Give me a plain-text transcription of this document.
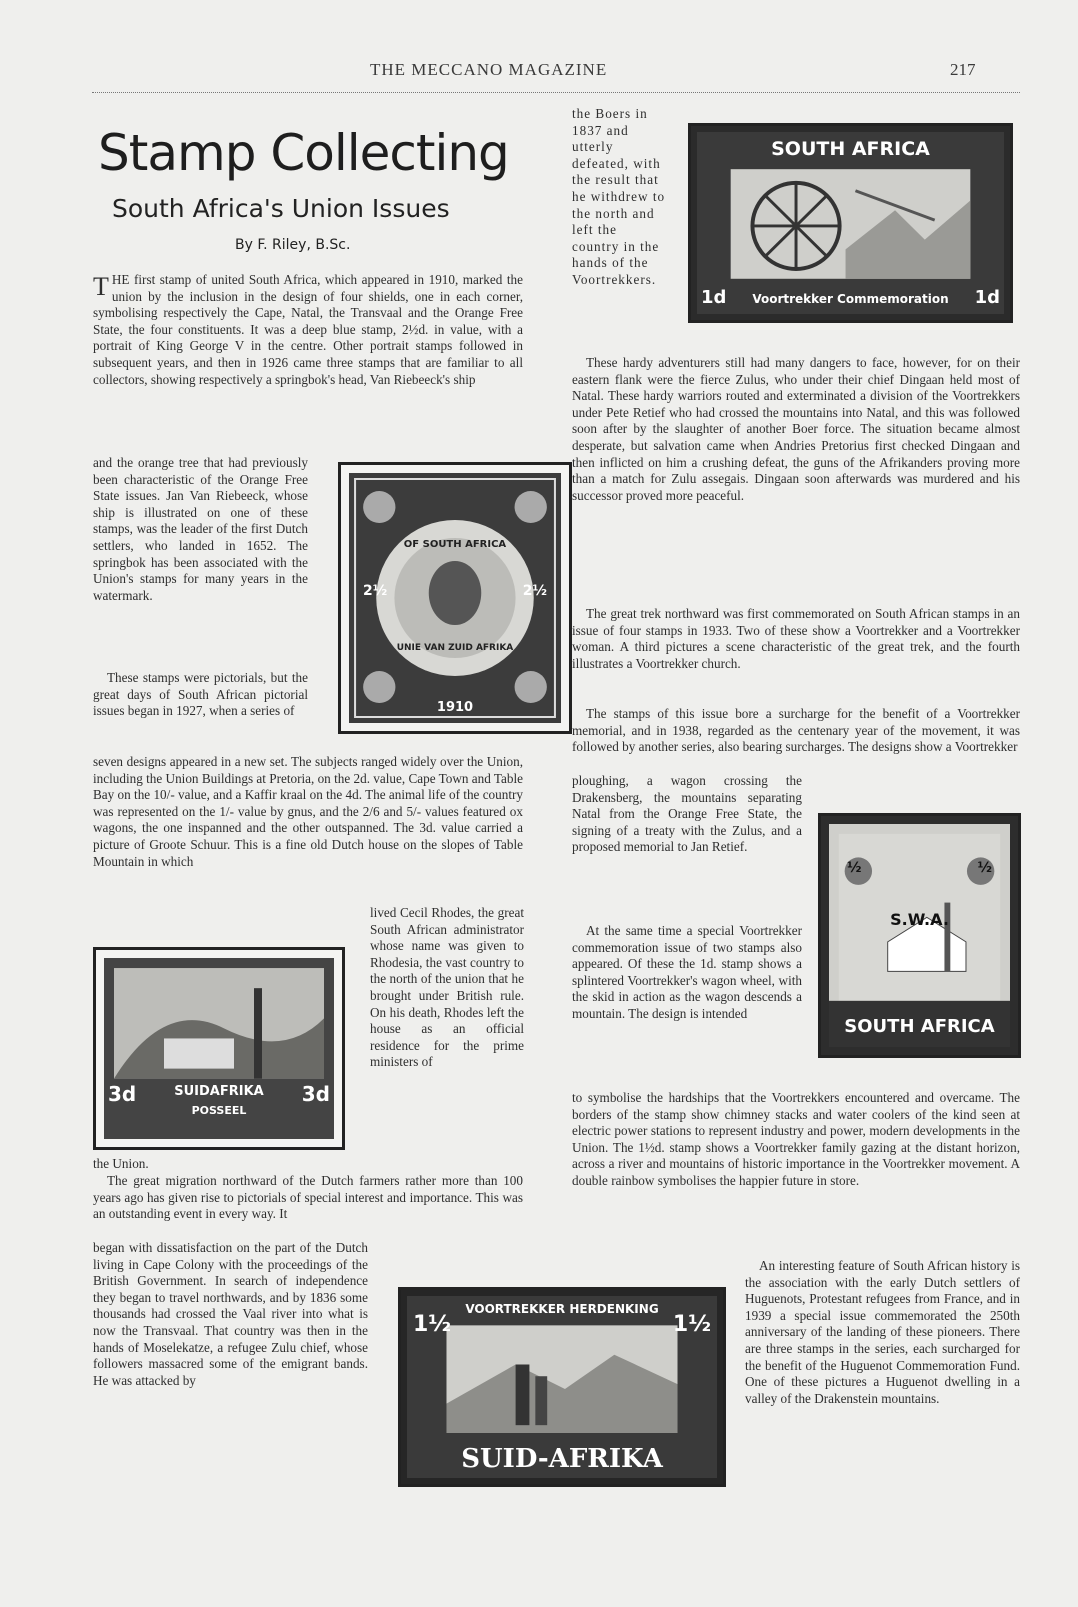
THE MECCANO MAGAZINE	217
Stamp Collecting
South Africa's Union Issues
By F. Riley, B.Sc.

THE first stamp of united South Africa, which appeared in 1910, marked the union by the inclusion in the design of four shields, one in each corner, symbolising respectively the Cape, Natal, the Transvaal and the Orange Free State, the four constituents. It was a deep blue stamp, 2½d. in value, with a portrait of King George V in the centre. Other portrait stamps followed in subsequent years, and then in 1926 came three stamps that are familiar to all collectors, showing respectively a springbok's head, Van Riebeeck's ship

and the orange tree that had previously been characteristic of the Orange Free State issues. Jan Van Riebeeck, whose ship is illustrated on one of these stamps, was the leader of the first Dutch settlers, who landed in 1652. The springbok has been associated with the Union's stamps for many years in the watermark.

These stamps were pictorials, but the great days of South African pictorial issues began in 1927, when a series of

seven designs appeared in a new set. The subjects ranged widely over the Union, including the Union Buildings at Pretoria, on the 2d. value, Cape Town and Table Bay on the 10/- value, and a Kaffir kraal on the 4d. The animal life of the country was represented on the 1/- value by gnus, and the 2/6 and 5/- values featured ox wagons, the one inspanned and the other outspanned. The 3d. value carried a picture of Groote Schuur. This is a fine old Dutch house on the slopes of Table Mountain in which

lived Cecil Rhodes, the great South African administrator whose name was given to Rhodesia, the vast country to the north of the union that he brought under British rule. On his death, Rhodes left the house as an official residence for the prime ministers of

the Union.

The great migration northward of the Dutch farmers rather more than 100 years ago has given rise to pictorials of special interest and importance. This was an outstanding event in every way. It

began with dissatisfaction on the part of the Dutch living in Cape Colony with the proceedings of the British Government. In search of independence they began to travel northwards, and by 1836 some thousands had crossed the Vaal river into what is now the Transvaal. That country was then in the hands of Moselekatze, a refugee Zulu chief, whose followers massacred some of the emigrant bands. He was attacked by

the Boers in 1837 and utterly defeated, with the result that he withdrew to the north and left the country in the hands of the Voortrekkers.

These hardy adventurers still had many dangers to face, however, for on their eastern flank were the fierce Zulus, who under their chief Dingaan held most of Natal. These hardy warriors routed and exterminated a division of the Voortrekkers under Pete Retief who had crossed the mountains into Natal, and this was followed soon after by the slaughter of another Boer force. The situation became almost desperate, but salvation came when Andries Pretorius first checked Dingaan and then inflicted on him a crushing defeat, the guns of the Afrikanders proving more than a match for Zulu assegais. Dingaan soon afterwards was murdered and his successor proved more peaceful.

The great trek northward was first commemorated on South African stamps in an issue of four stamps in 1933. Two of these show a Voortrekker and a Voortrekker woman. A third pictures a scene characteristic of the great trek, and the fourth illustrates a Voortrekker church.

The stamps of this issue bore a surcharge for the benefit of a Voortrekker memorial, and in 1938, regarded as the centenary year of the movement, it was followed by another series, also bearing surcharges. The designs show a Voortrekker

ploughing, a wagon crossing the Drakensberg, the mountains separating Natal from the Orange Free State, the signing of a treaty with the Zulus, and a proposed memorial to Jan Retief.

At the same time a special Voortrekker commemoration issue of two stamps also appeared. Of these the 1d. stamp shows a splintered Voortrekker's wagon wheel, with the skid in action as the wagon descends a mountain. The design is intended

to symbolise the hardships that the Voortrekkers encountered and overcame. The borders of the stamp show chimney stacks and water coolers of the kind seen at electric power stations to represent industry and power, modern developments in the Union. The 1½d. stamp shows a Voortrekker family gazing at the distant horizon, across a river and mountains of historic importance in the Voortrekker movement. A double rainbow symbolises the happier future in store.

An interesting feature of South African history is the association with the early Dutch settlers of Huguenots, Protestant refugees from France, and in 1939 a special issue commemorated the 250th anniversary of the landing of these pioneers. There are three stamps in the series, each surcharged for the benefit of the Huguenot Commemoration Fund. One of these pictures a Huguenot dwelling in a valley of the Drakenstein mountains.

SOUTH AFRICA
Voortrekker Commemoration
1d	1d
OF SOUTH AFRICA
UNIE VAN ZUID AFRIKA
1910
2½	2½
SUIDAFRIKA
POSSEEL
3d	3d
S.W.A.
SOUTH AFRICA
½	½
VOORTREKKER HERDENKING
SUID-AFRIKA
1½	1½
